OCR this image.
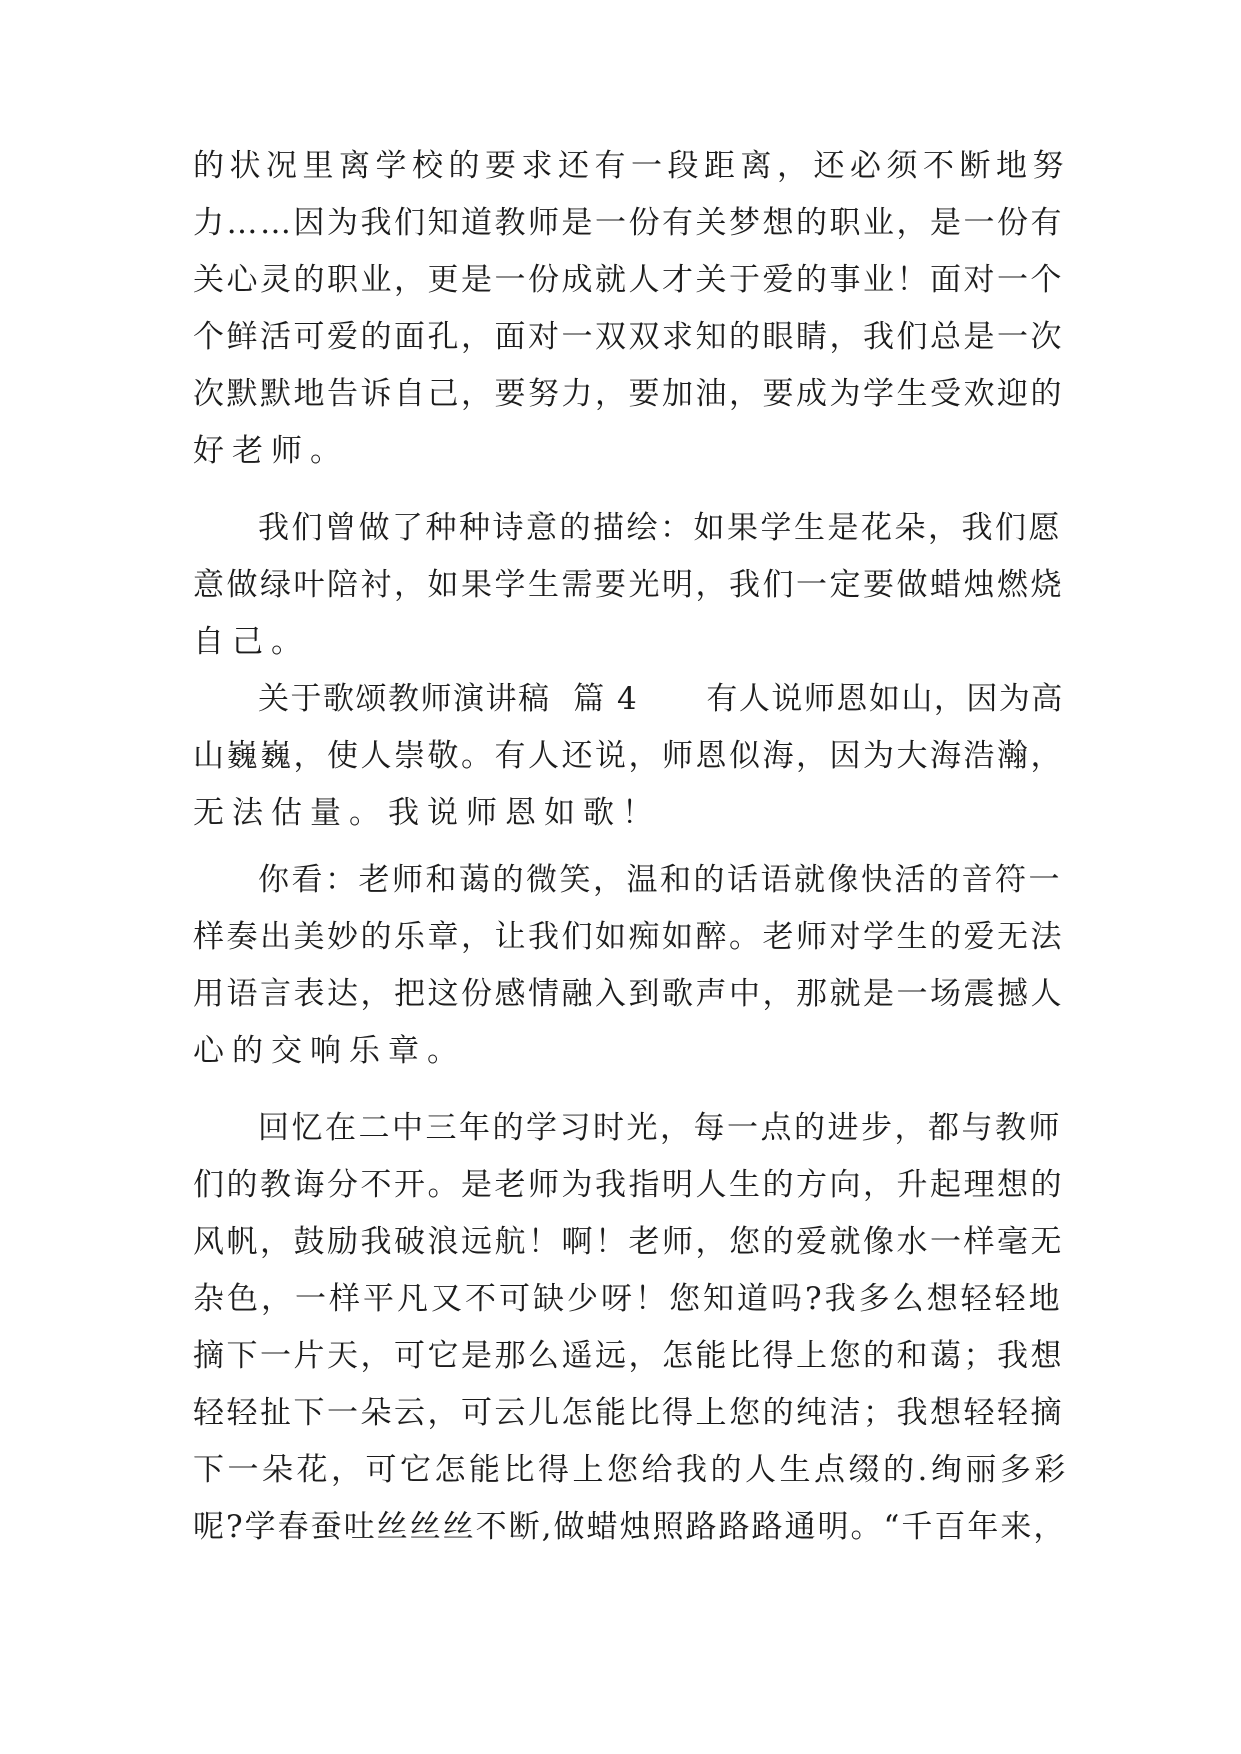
的状况里离学校的要求还有一段距离，还必须不断地努
力……因为我们知道教师是一份有关梦想的职业，是一份有
关心灵的职业，更是一份成就人才关于爱的事业！面对一个
个鲜活可爱的面孔，面对一双双求知的眼睛，我们总是一次
次默默地告诉自己，要努力，要加油，要成为学生受欢迎的
好老师。
我们曾做了种种诗意的描绘：如果学生是花朵，我们愿
意做绿叶陪衬，如果学生需要光明，我们一定要做蜡烛燃烧
自己。
关于歌颂教师演讲稿  篇 4      有人说师恩如山，因为高
山巍巍，使人崇敬。有人还说，师恩似海，因为大海浩瀚，
无法估量。我说师恩如歌！
你看：老师和蔼的微笑，温和的话语就像快活的音符一
样奏出美妙的乐章，让我们如痴如醉。老师对学生的爱无法
用语言表达，把这份感情融入到歌声中，那就是一场震撼人
心的交响乐章。
回忆在二中三年的学习时光，每一点的进步，都与教师
们的教诲分不开。是老师为我指明人生的方向，升起理想的
风帆，鼓励我破浪远航！啊！老师，您的爱就像水一样毫无
杂色，一样平凡又不可缺少呀！您知道吗?我多么想轻轻地
摘下一片天，可它是那么遥远，怎能比得上您的和蔼；我想
轻轻扯下一朵云，可云儿怎能比得上您的纯洁；我想轻轻摘
下一朵花，可它怎能比得上您给我的人生点缀的.绚丽多彩
呢?学春蚕吐丝丝丝不断,做蜡烛照路路路通明。“千百年来，
